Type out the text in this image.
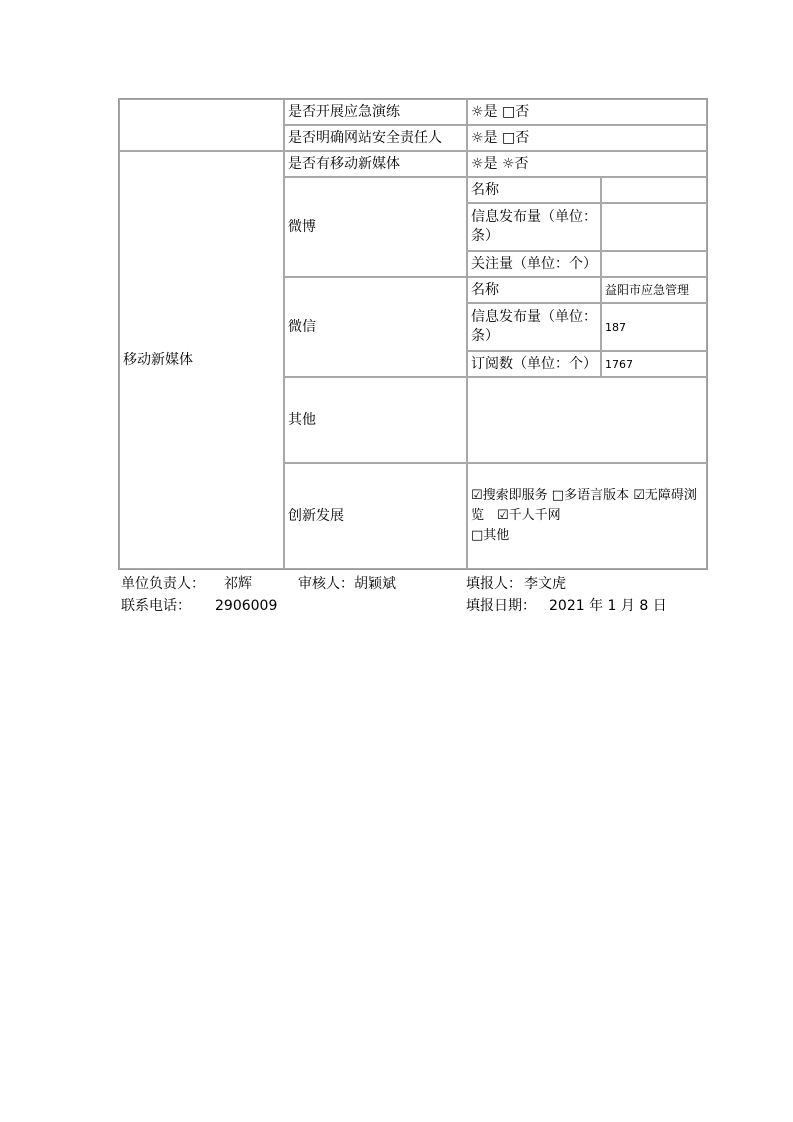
	是否开展应急演练	☼是 □否	
	是否明确网站安全责任人	☼是 □否	
移动新媒体	是否有移动新媒体	☼是 ☼否	
	微博	名称	
		信息发布量（单位：条）	
		关注量（单位：个）	
	微信	名称	益阳市应急管理
		信息发布量（单位：条）	187
		订阅数（单位：个）	1767
	其他		
	创新发展	☑搜索即服务 □多语言版本 ☑无障碍浏览　☑千人千网
□其他	
单位负责人： 祁辉	审核人： 胡颖斌	填报人： 李文虎
联系电话： 2906009	填报日期： 2021 年 1 月 8 日
